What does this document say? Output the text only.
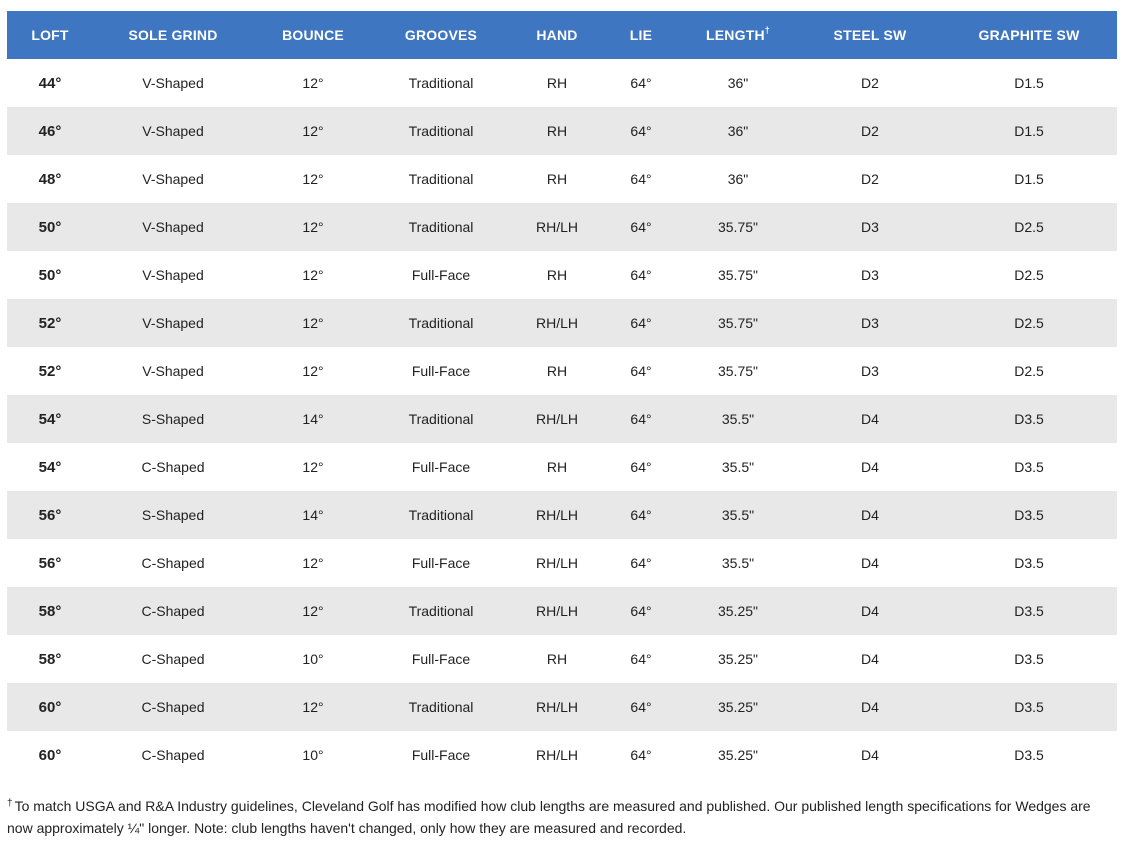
LOFT	SOLE GRIND	BOUNCE	GROOVES	HAND	LIE	LENGTH†	STEEL SW	GRAPHITE SW
44°	V-Shaped	12°	Traditional	RH	64°	36"	D2	D1.5
46°	V-Shaped	12°	Traditional	RH	64°	36"	D2	D1.5
48°	V-Shaped	12°	Traditional	RH	64°	36"	D2	D1.5
50°	V-Shaped	12°	Traditional	RH/LH	64°	35.75"	D3	D2.5
50°	V-Shaped	12°	Full-Face	RH	64°	35.75"	D3	D2.5
52°	V-Shaped	12°	Traditional	RH/LH	64°	35.75"	D3	D2.5
52°	V-Shaped	12°	Full-Face	RH	64°	35.75"	D3	D2.5
54°	S-Shaped	14°	Traditional	RH/LH	64°	35.5"	D4	D3.5
54°	C-Shaped	12°	Full-Face	RH	64°	35.5"	D4	D3.5
56°	S-Shaped	14°	Traditional	RH/LH	64°	35.5"	D4	D3.5
56°	C-Shaped	12°	Full-Face	RH/LH	64°	35.5"	D4	D3.5
58°	C-Shaped	12°	Traditional	RH/LH	64°	35.25"	D4	D3.5
58°	C-Shaped	10°	Full-Face	RH	64°	35.25"	D4	D3.5
60°	C-Shaped	12°	Traditional	RH/LH	64°	35.25"	D4	D3.5
60°	C-Shaped	10°	Full-Face	RH/LH	64°	35.25"	D4	D3.5
† To match USGA and R&A Industry guidelines, Cleveland Golf has modified how club lengths are measured and published. Our published length specifications for Wedges are now approximately ¼" longer. Note: club lengths haven't changed, only how they are measured and recorded.
